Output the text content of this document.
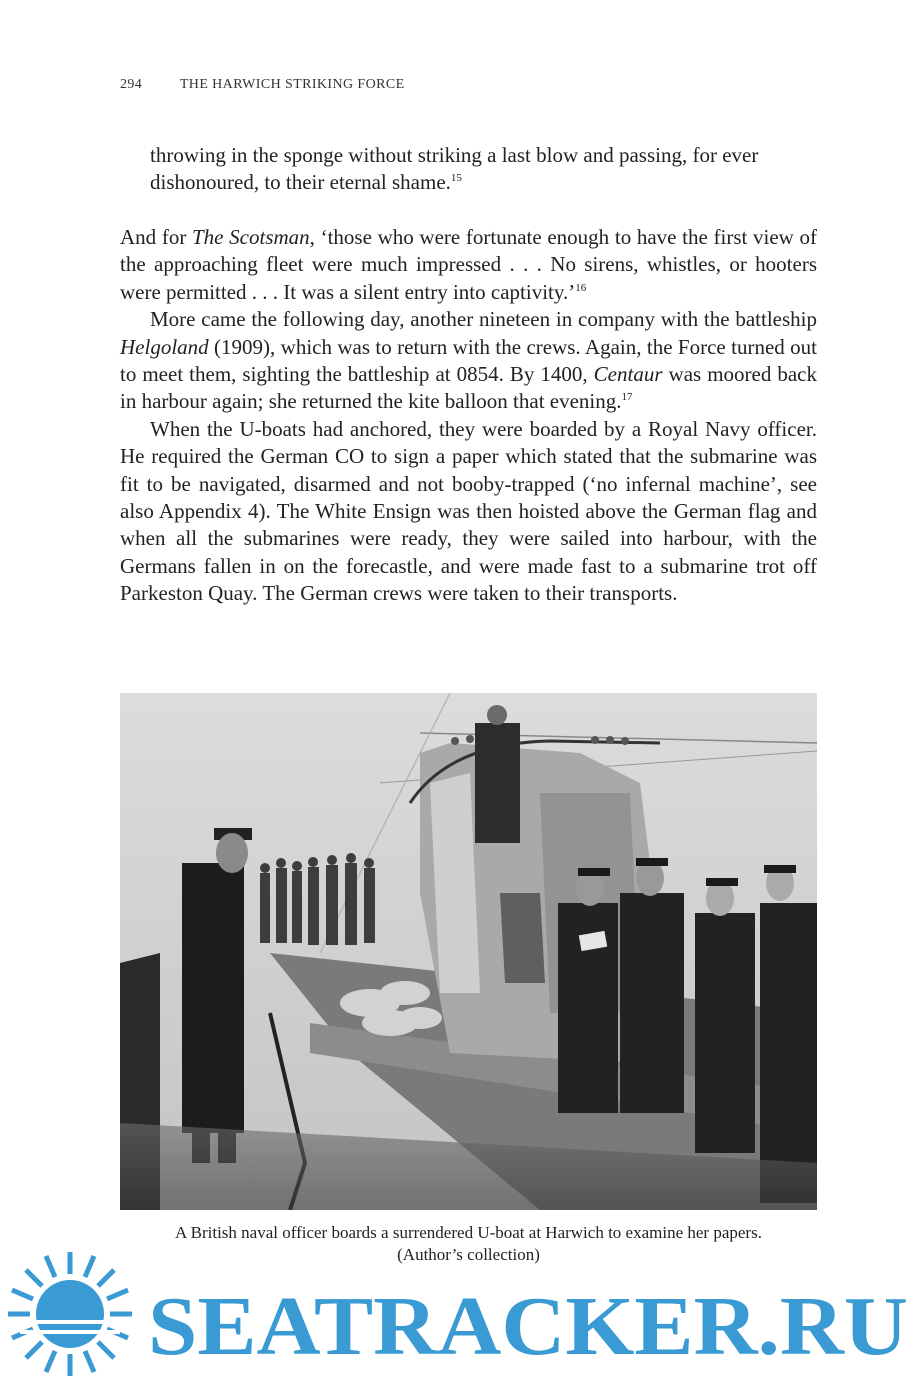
294	THE HARWICH STRIKING FORCE
throwing in the sponge without striking a last blow and passing, for ever dishonoured, to their eternal shame.$^{15}$

And for The Scotsman, ‘those who were fortunate enough to have the first view of the approaching fleet were much impressed . . . No sirens, whistles, or hooters were permitted . . . It was a silent entry into captivity.’$^{16}$

More came the following day, another nineteen in company with the battleship Helgoland (1909), which was to return with the crews. Again, the Force turned out to meet them, sighting the battleship at 0854. By 1400, Centaur was moored back in harbour again; she returned the kite balloon that evening.$^{17}$

When the U-boats had anchored, they were boarded by a Royal Navy officer. He required the German CO to sign a paper which stated that the submarine was fit to be navigated, disarmed and not booby-trapped (‘no infernal machine’, see also Appendix 4). The White Ensign was then hoisted above the German flag and when all the submarines were ready, they were sailed into harbour, with the Germans fallen in on the forecastle, and were made fast to a submarine trot off Parkeston Quay. The German crews were taken to their transports.

A British naval officer boards a surrendered U-boat at Harwich to examine her papers.
(Author’s collection)
SEATRACKER.RU
